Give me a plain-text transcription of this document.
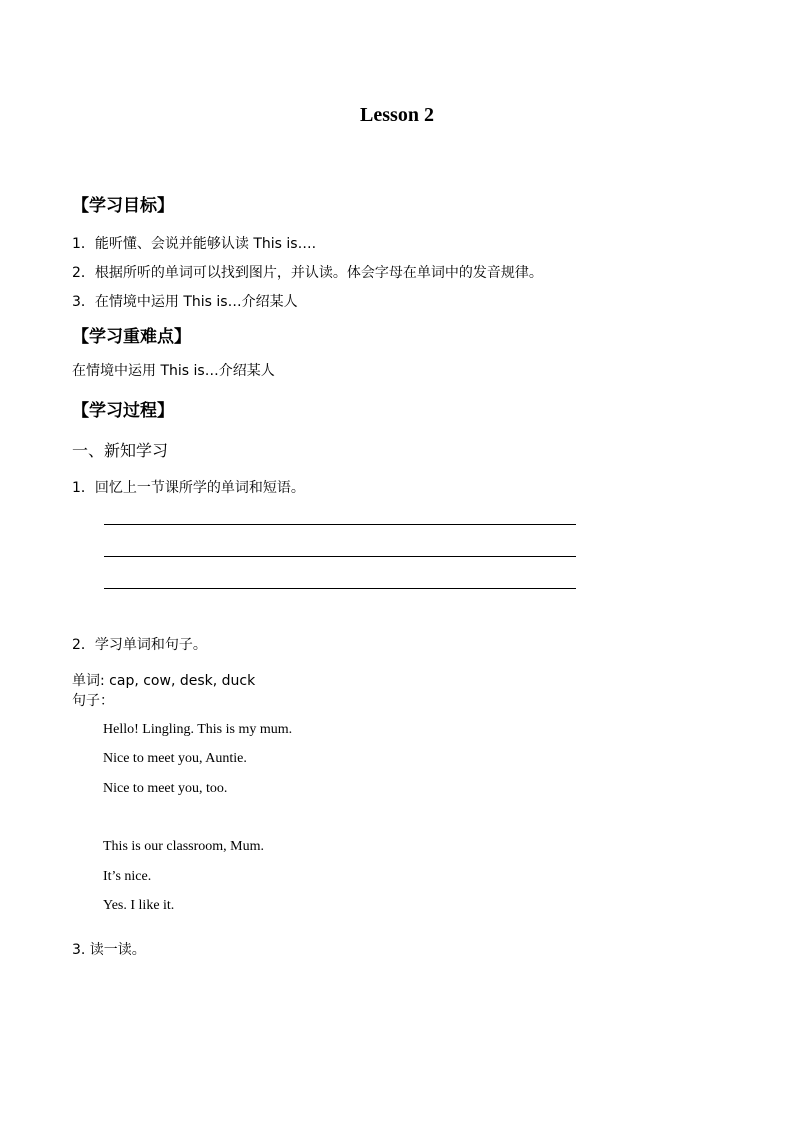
Lesson 2
【学习目标】
1．能听懂、会说并能够认读 This is….
2．根据所听的单词可以找到图片，并认读。体会字母在单词中的发音规律。
3．在情境中运用 This is…介绍某人
【学习重难点】
在情境中运用 This is…介绍某人
【学习过程】
一、新知学习
1．回忆上一节课所学的单词和短语。
2．学习单词和句子。
单词: cap, cow, desk, duck
句子：
Hello! Lingling. This is my mum.
Nice to meet you, Auntie.
Nice to meet you, too.
This is our classroom, Mum.
It’s nice.
Yes. I like it.
3. 读一读。
